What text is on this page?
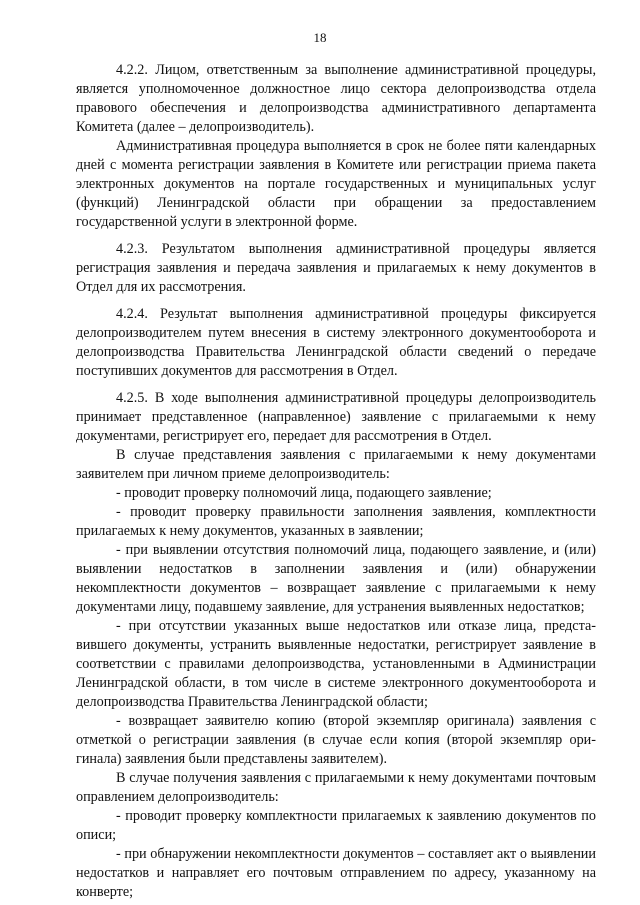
18

4.2.2. Лицом, ответственным за выполнение административной процедуры, является уполномоченное должностное лицо сектора делопроизводства отдела правового обеспечения и делопроизводства административного департамента Комитета (далее – делопроизводитель).

Административная процедура выполняется в срок не более пяти календарных дней с момента регистрации заявления в Комитете или регистрации приема пакета электронных документов на портале государственных и муниципальных услуг (функций) Ленинградской области при обращении за предоставлением государственной услуги в электронной форме.

4.2.3. Результатом выполнения административной процедуры является регистрация заявления и передача заявления и прилагаемых к нему документов в Отдел для их рассмотрения.

4.2.4. Результат выполнения административной процедуры фиксируется делопроизводителем путем внесения в систему электронного документооборота и делопроизводства Правительства Ленинградской области сведений о передаче поступивших документов для рассмотрения в Отдел.

4.2.5. В ходе выполнения административной процедуры делопроизводитель принимает представленное (направленное) заявление с прилагаемыми к нему документами, регистрирует его, передает для рассмотрения в Отдел.

В случае представления заявления с прилагаемыми к нему документами заявителем при личном приеме делопроизводитель:

- проводит проверку полномочий лица, подающего заявление;

- проводит проверку правильности заполнения заявления, комплектности прилагаемых к нему документов, указанных в заявлении;

- при выявлении отсутствия полномочий лица, подающего заявление, и (или) выявлении недостатков в заполнении заявления и (или) обнаружении некомплектности документов – возвращает заявление с прилагаемыми к нему документами лицу, подавшему заявление, для устранения выявленных недостатков;

- при отсутствии указанных выше недостатков или отказе лица, представившего документы, устранить выявленные недостатки, регистрирует заявление в соответствии с правилами делопроизводства, установленными в Администрации Ленинградской области, в том числе в системе электронного документооборота и делопроизводства Правительства Ленинградской области;

- возвращает заявителю копию (второй экземпляр оригинала) заявления с отметкой о регистрации заявления (в случае если копия (второй экземпляр оригинала) заявления были представлены заявителем).

В случае получения заявления с прилагаемыми к нему документами почтовым оправлением делопроизводитель:

- проводит проверку комплектности прилагаемых к заявлению документов по описи;

- при обнаружении некомплектности документов – составляет акт о выявлении недостатков и направляет его почтовым отправлением по адресу, указанному на конверте;
